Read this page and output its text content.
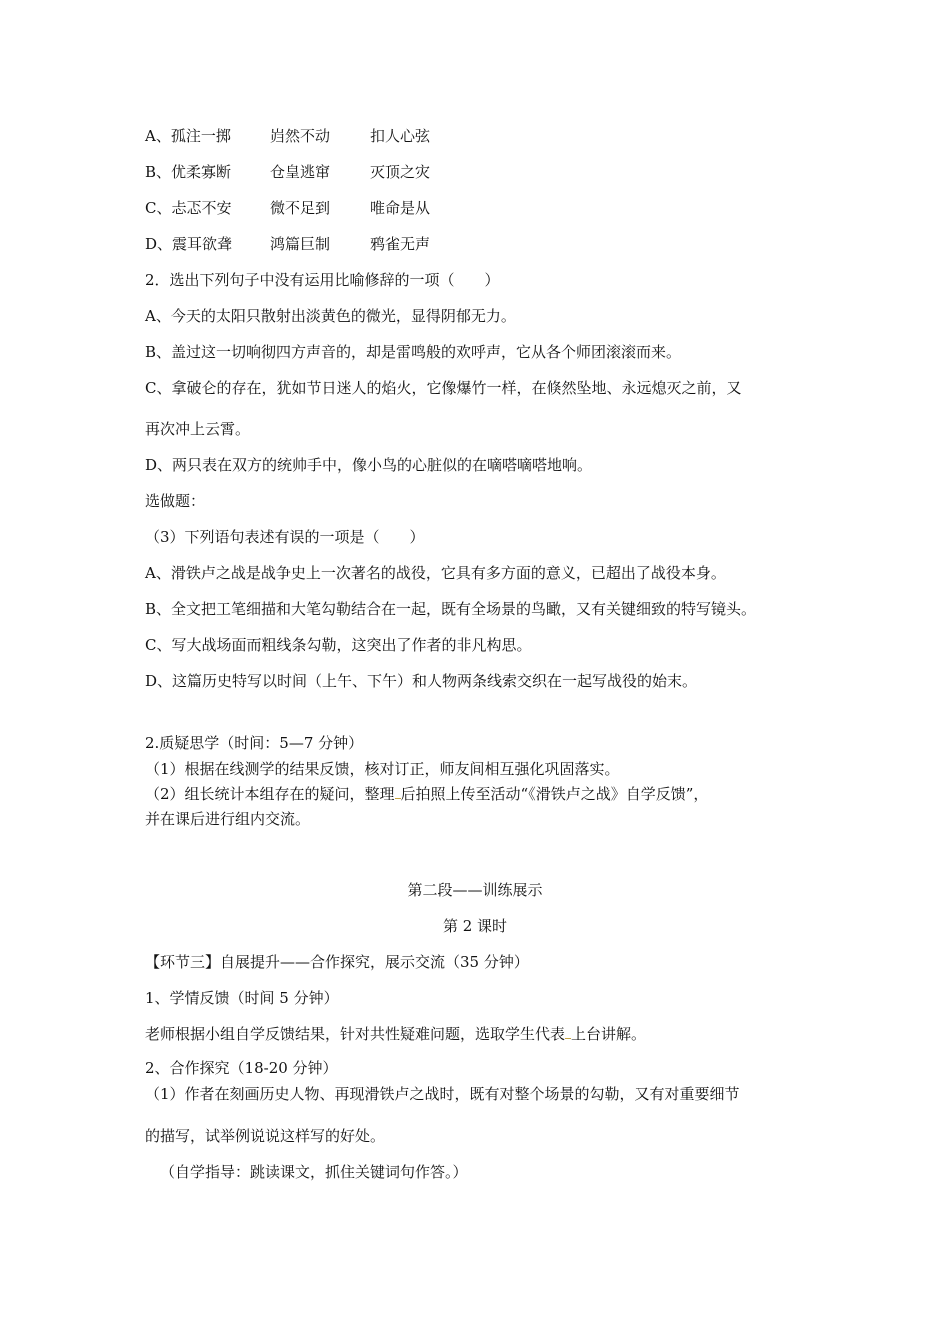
A、孤注一掷	岿然不动	扣人心弦
B、优柔寡断	仓皇逃窜	灭顶之灾
C、忐忑不安	微不足到	唯命是从
D、震耳欲聋	鸿篇巨制	鸦雀无声
2．选出下列句子中没有运用比喻修辞的一项（　　）
A、今天的太阳只散射出淡黄色的微光，显得阴郁无力。
B、盖过这一切响彻四方声音的，却是雷鸣般的欢呼声，它从各个师团滚滚而来。
C、拿破仑的存在，犹如节日迷人的焰火，它像爆竹一样，在倏然坠地、永远熄灭之前，又
再次冲上云霄。
D、两只表在双方的统帅手中，像小鸟的心脏似的在嘀嗒嘀嗒地响。
选做题：
（3）下列语句表述有误的一项是（　　）
A、滑铁卢之战是战争史上一次著名的战役，它具有多方面的意义，已超出了战役本身。
B、全文把工笔细描和大笔勾勒结合在一起，既有全场景的鸟瞰，又有关键细致的特写镜头。
C、写大战场面而粗线条勾勒，这突出了作者的非凡构思。
D、这篇历史特写以时间（上午、下午）和人物两条线索交织在一起写战役的始末。
2.质疑思学（时间：5—7 分钟）
（1）根据在线测学的结果反馈，核对订正，师友间相互强化巩固落实。
（2）组长统计本组存在的疑问，整理 后拍照上传至活动“《滑铁卢之战》自学反馈”，
并在课后进行组内交流。
第二段——训练展示
第 2 课时
【环节三】自展提升——合作探究，展示交流（35 分钟）
1、学情反馈（时间 5 分钟）
老师根据小组自学反馈结果，针对共性疑难问题，选取学生代表 上台讲解。
2、合作探究（18-20 分钟）
（1）作者在刻画历史人物、再现滑铁卢之战时，既有对整个场景的勾勒，又有对重要细节
的描写，试举例说说这样写的好处。
（自学指导：跳读课文，抓住关键词句作答。）
